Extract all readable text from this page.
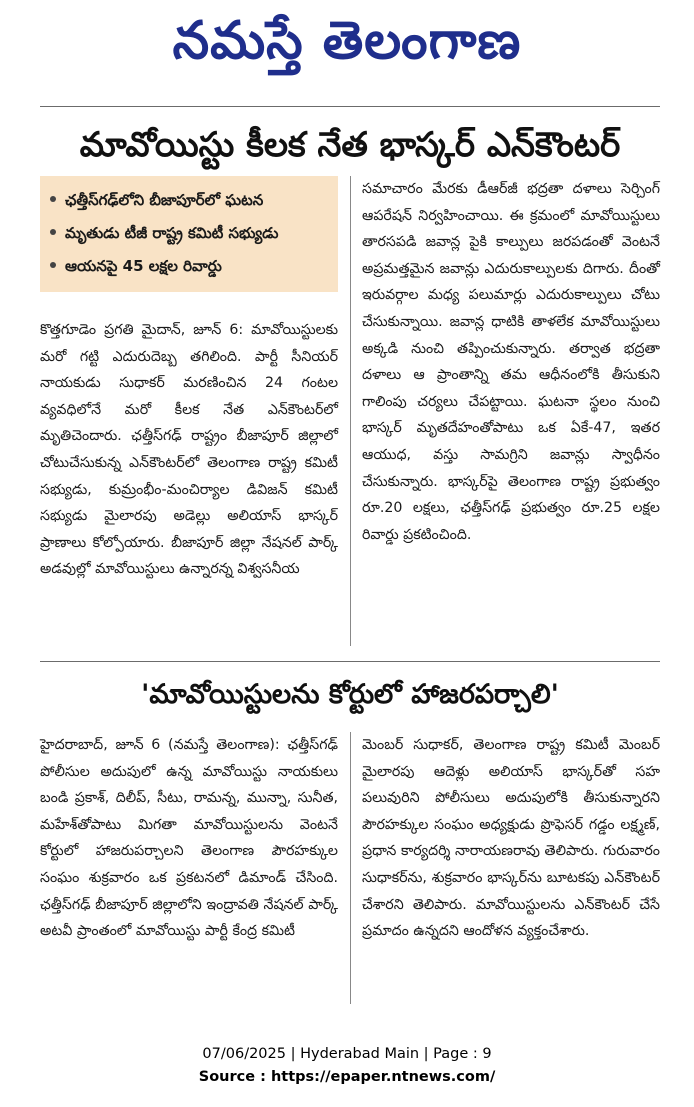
నమస్తే తెలంగాణ
మావోయిస్టు కీలక నేత భాస్కర్ ఎన్‌కౌంటర్
ఛత్తీస్‌గఢ్‌లోని బీజాపూర్‌లో ఘటన
మృతుడు టీజీ రాష్ట్ర కమిటీ సభ్యుడు
ఆయనపై 45 లక్షల రివార్డు

కొత్తగూడెం ప్రగతి మైదాన్, జూన్ 6: మావోయిస్టులకు మరో గట్టి ఎదురుదెబ్బ తగిలింది. పార్టీ సీనియర్ నాయకుడు సుధాకర్ మరణించిన 24 గంటల వ్యవధిలోనే మరో కీలక నేత ఎన్‌కౌంటర్‌లో మృతిచెందారు. ఛత్తీస్‌గఢ్ రాష్ట్రం బీజాపూర్ జిల్లాలో చోటుచేసుకున్న ఎన్‌కౌంటర్‌లో తెలంగాణ రాష్ట్ర కమిటీ సభ్యుడు, కుమ్రంభీం-మంచిర్యాల డివిజన్ కమిటీ సభ్యుడు మైలారపు అడెల్లు అలియాస్ భాస్కర్ ప్రాణాలు కోల్పోయారు. బీజాపూర్ జిల్లా నేషనల్ పార్క్ అడవుల్లో మావోయిస్టులు ఉన్నారన్న విశ్వసనీయ

సమాచారం మేరకు డీఆర్‌జీ భద్రతా దళాలు సెర్చింగ్ ఆపరేషన్ నిర్వహించాయి. ఈ క్రమంలో మావోయిస్టులు తారసపడి జవాన్ల పైకి కాల్పులు జరపడంతో వెంటనే అప్రమత్తమైన జవాన్లు ఎదురుకాల్పులకు దిగారు. దీంతో ఇరువర్గాల మధ్య పలుమార్లు ఎదురుకాల్పులు చోటు చేసుకున్నాయి. జవాన్ల ధాటికి తాళలేక మావోయిస్టులు అక్కడి నుంచి తప్పించుకున్నారు. తర్వాత భద్రతా దళాలు ఆ ప్రాంతాన్ని తమ ఆధీనంలోకి తీసుకుని గాలింపు చర్యలు చేపట్టాయి. ఘటనా స్థలం నుంచి భాస్కర్ మృతదేహంతోపాటు ఒక ఏకే-47, ఇతర ఆయుధ, వస్తు సామగ్రిని జవాన్లు స్వాధీనం చేసుకున్నారు. భాస్కర్‌పై తెలంగాణ రాష్ట్ర ప్రభుత్వం రూ.20 లక్షలు, ఛత్తీస్‌గఢ్ ప్రభుత్వం రూ.25 లక్షల రివార్డు ప్రకటించింది.

'మావోయిస్టులను కోర్టులో హాజరపర్చాలి'

హైదరాబాద్, జూన్ 6 (నమస్తే తెలంగాణ): ఛత్తీస్‌గఢ్ పోలీసుల అదుపులో ఉన్న మావోయిస్టు నాయకులు బండి ప్రకాశ్, దిలీప్, సీటు, రామన్న, మున్నా, సునీత, మహేశ్‌తోపాటు మిగతా మావోయిస్టులను వెంటనే కోర్టులో హాజరుపర్చాలని తెలంగాణ పౌరహక్కుల సంఘం శుక్రవారం ఒక ప్రకటనలో డిమాండ్ చేసింది. ఛత్తీస్‌గఢ్ బీజాపూర్ జిల్లాలోని ఇంద్రావతి నేషనల్ పార్క్ అటవీ ప్రాంతంలో మావోయిస్టు పార్టీ కేంద్ర కమిటీ

మెంబర్ సుధాకర్, తెలంగాణ రాష్ట్ర కమిటీ మెంబర్ మైలారపు ఆదెళ్లు అలియాస్ భాస్కర్‌తో సహ పలువురిని పోలీసులు అదుపులోకి తీసుకున్నారని పౌరహక్కుల సంఘం అధ్యక్షుడు ప్రొఫెసర్ గడ్డం లక్ష్మణ్, ప్రధాన కార్యదర్శి నారాయణరావు తెలిపారు. గురువారం సుధాకర్‌ను, శుక్రవారం భాస్కర్‌ను బూటకపు ఎన్‌కౌంటర్ చేశారని తెలిపారు. మావోయిస్టులను ఎన్‌కౌంటర్ చేసే ప్రమాదం ఉన్నదని ఆందోళన వ్యక్తంచేశారు.

07/06/2025 | Hyderabad Main | Page : 9
Source : https://epaper.ntnews.com/
